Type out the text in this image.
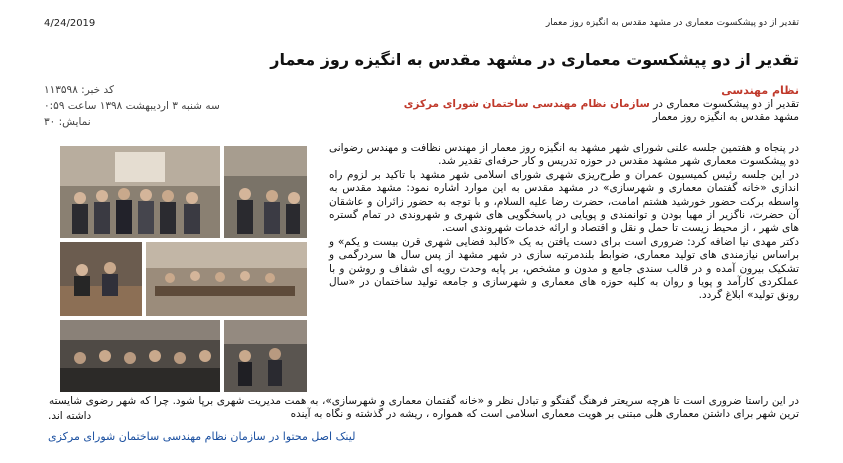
4/24/2019	تقدیر از دو پیشکسوت معماری در مشهد مقدس به انگیزه روز معمار
تقدیر از دو پیشکسوت معماری در مشهد مقدس به انگیزه روز معمار
کد خبر: ۱۱۳۵۹۸
سه شنبه ۳ اردیبهشت ۱۳۹۸ ساعت ۰:۵۹
نمایش: ۳۰
نظام مهندسی
تقدیر از دو پیشکسوت معماری در سازمان نظام مهندسی ساختمان شورای مرکزی
مشهد مقدس به انگیزه روز معمار

در پنجاه و هفتمین جلسه علنی شورای شهر مشهد به انگیزه روز معمار از مهندس نظافت و مهندس رضوانی دو پیشکسوت معماری شهر مشهد مقدس در حوزه تدریس و کار حرفه‌ای تقدیر شد.

در این جلسه رئیس کمیسیون عمران و طرح‌ریزی شهری شورای اسلامی شهر مشهد با تاکید بر لزوم راه اندازی «خانه گفتمان معماری و شهرسازی» در مشهد مقدس به این موارد اشاره نمود: مشهد مقدس به واسطه برکت حضور خورشید هشتم امامت، حضرت رضا علیه السلام، و با توجه به حضور زائران و عاشقان آن حضرت، ناگزیر از مهیا بودن و توانمندی و پویایی در پاسخگویی های شهری و شهروندی در تمام گستره های شهر ، از محیط زیست تا حمل و نقل و اقتصاد و ارائه خدمات شهروندی است.

دکتر مهدی نیا اضافه کرد: ضروری است برای دست یافتن به یک «کالبد فضایی شهری قرن بیست و یکم» و براساس نیازمندی های تولید معماری، ضوابط بلندمرتبه سازی در شهر مشهد از پس سال ها سردرگمی و تشکیک بیرون آمده و در قالب سندی جامع و مدون و مشخص، بر پایه وحدت رویه ای شفاف و روشن و با عملکردی کارآمد و پویا و روان به کلیه حوزه های معماری و شهرسازی و جامعه تولید ساختمان در «سال رونق تولید» ابلاغ گردد.

در این راستا ضروری است تا هرچه سریعتر فرهنگ گفتگو و تبادل نظر و «خانه گفتمان معماری و شهرسازی»، به همت مدیریت شهری برپا شود. چرا که شهر رضوی شایسته ترین شهر برای داشتن معماری هلی مبتنی بر هویت معماری اسلامی است که همواره ، ریشه در گذشته و نگاه به آینده
داشته اند.
لینک اصل محتوا در سازمان نظام مهندسی ساختمان شورای مرکزی
